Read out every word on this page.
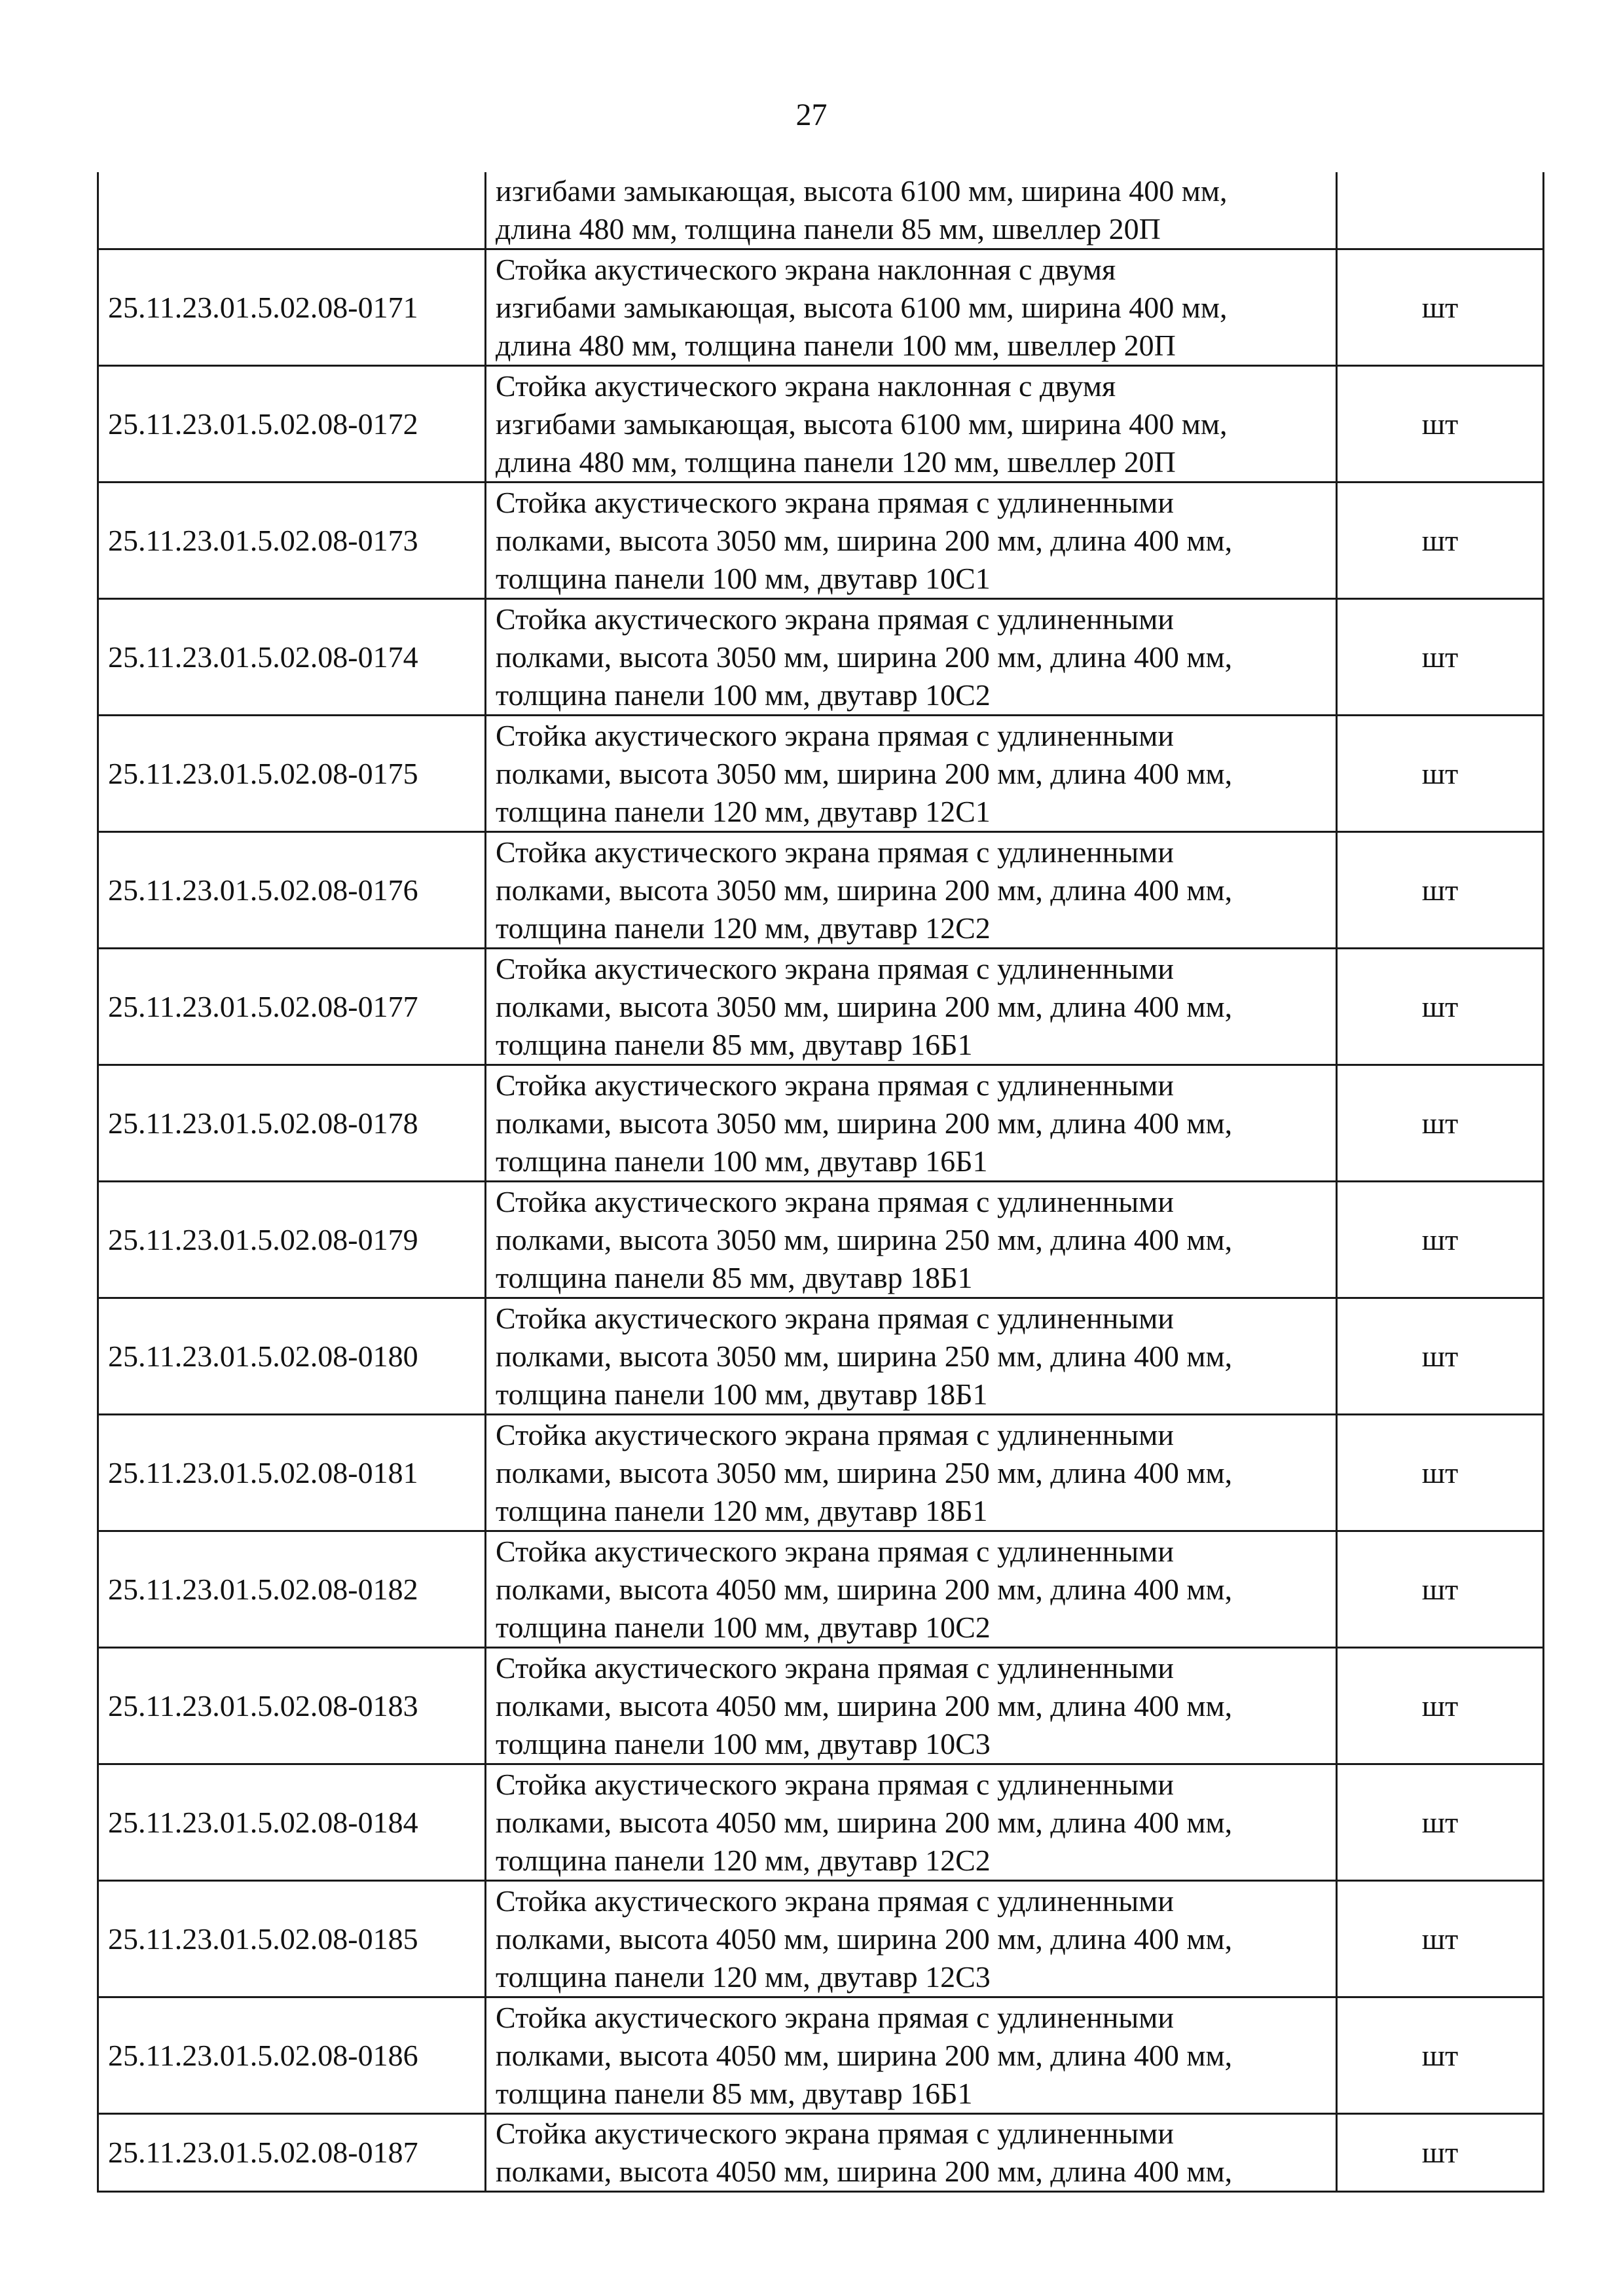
27

	изгибами замыкающая, высота 6100 мм, ширина 400 мм,
длина 480 мм, толщина панели 85 мм, швеллер 20П	

25.11.23.01.5.02.08-0171	Стойка акустического экрана наклонная с двумя
изгибами замыкающая, высота 6100 мм, ширина 400 мм,
длина 480 мм, толщина панели 100 мм, швеллер 20П	шт
25.11.23.01.5.02.08-0172	Стойка акустического экрана наклонная с двумя
изгибами замыкающая, высота 6100 мм, ширина 400 мм,
длина 480 мм, толщина панели 120 мм, швеллер 20П	шт
25.11.23.01.5.02.08-0173	Стойка акустического экрана прямая с удлиненными
полками, высота 3050 мм, ширина 200 мм, длина 400 мм,
толщина панели 100 мм, двутавр 10С1	шт
25.11.23.01.5.02.08-0174	Стойка акустического экрана прямая с удлиненными
полками, высота 3050 мм, ширина 200 мм, длина 400 мм,
толщина панели 100 мм, двутавр 10С2	шт
25.11.23.01.5.02.08-0175	Стойка акустического экрана прямая с удлиненными
полками, высота 3050 мм, ширина 200 мм, длина 400 мм,
толщина панели 120 мм, двутавр 12С1	шт
25.11.23.01.5.02.08-0176	Стойка акустического экрана прямая с удлиненными
полками, высота 3050 мм, ширина 200 мм, длина 400 мм,
толщина панели 120 мм, двутавр 12С2	шт
25.11.23.01.5.02.08-0177	Стойка акустического экрана прямая с удлиненными
полками, высота 3050 мм, ширина 200 мм, длина 400 мм,
толщина панели 85 мм, двутавр 16Б1	шт
25.11.23.01.5.02.08-0178	Стойка акустического экрана прямая с удлиненными
полками, высота 3050 мм, ширина 200 мм, длина 400 мм,
толщина панели 100 мм, двутавр 16Б1	шт
25.11.23.01.5.02.08-0179	Стойка акустического экрана прямая с удлиненными
полками, высота 3050 мм, ширина 250 мм, длина 400 мм,
толщина панели 85 мм, двутавр 18Б1	шт
25.11.23.01.5.02.08-0180	Стойка акустического экрана прямая с удлиненными
полками, высота 3050 мм, ширина 250 мм, длина 400 мм,
толщина панели 100 мм, двутавр 18Б1	шт
25.11.23.01.5.02.08-0181	Стойка акустического экрана прямая с удлиненными
полками, высота 3050 мм, ширина 250 мм, длина 400 мм,
толщина панели 120 мм, двутавр 18Б1	шт
25.11.23.01.5.02.08-0182	Стойка акустического экрана прямая с удлиненными
полками, высота 4050 мм, ширина 200 мм, длина 400 мм,
толщина панели 100 мм, двутавр 10С2	шт
25.11.23.01.5.02.08-0183	Стойка акустического экрана прямая с удлиненными
полками, высота 4050 мм, ширина 200 мм, длина 400 мм,
толщина панели 100 мм, двутавр 10С3	шт
25.11.23.01.5.02.08-0184	Стойка акустического экрана прямая с удлиненными
полками, высота 4050 мм, ширина 200 мм, длина 400 мм,
толщина панели 120 мм, двутавр 12С2	шт
25.11.23.01.5.02.08-0185	Стойка акустического экрана прямая с удлиненными
полками, высота 4050 мм, ширина 200 мм, длина 400 мм,
толщина панели 120 мм, двутавр 12С3	шт
25.11.23.01.5.02.08-0186	Стойка акустического экрана прямая с удлиненными
полками, высота 4050 мм, ширина 200 мм, длина 400 мм,
толщина панели 85 мм, двутавр 16Б1	шт
25.11.23.01.5.02.08-0187	Стойка акустического экрана прямая с удлиненными
полками, высота 4050 мм, ширина 200 мм, длина 400 мм,	шт
